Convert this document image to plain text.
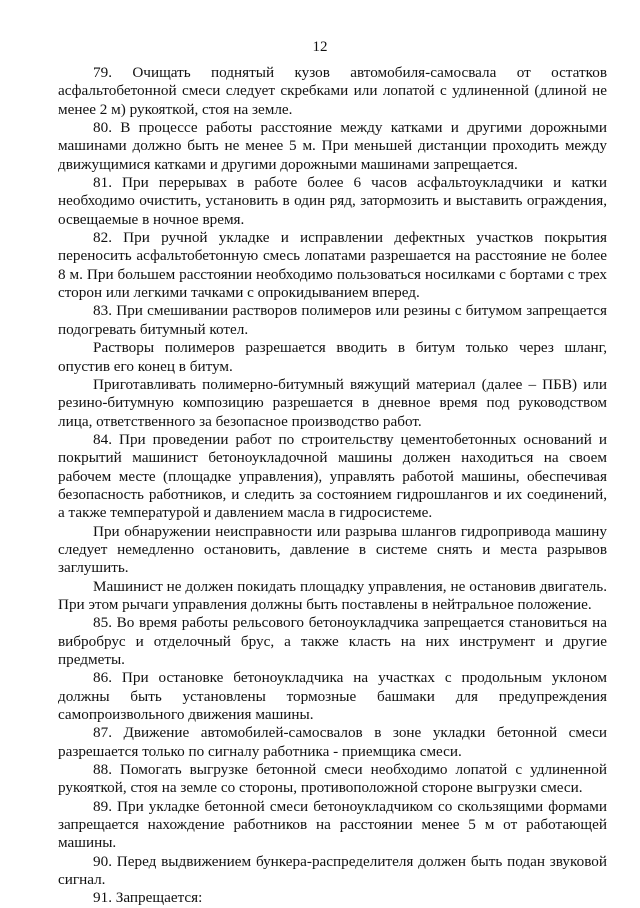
12

79. Очищать поднятый кузов автомобиля-самосвала от остатков асфальтобетонной смеси следует скребками или лопатой с удлиненной (длиной не менее 2 м) рукояткой, стоя на земле.

80. В процессе работы расстояние между катками и другими дорожными машинами должно быть не менее 5 м. При меньшей дистанции проходить между движущимися катками и другими дорожными машинами запрещается.

81. При перерывах в работе более 6 часов асфальтоукладчики и катки необходимо очистить, установить в один ряд, затормозить и выставить ограждения, освещаемые в ночное время.

82. При ручной укладке и исправлении дефектных участков покрытия переносить асфальтобетонную смесь лопатами разрешается на расстояние не более 8 м. При большем расстоянии необходимо пользоваться носилками с бортами с трех сторон или легкими тачками с опрокидыванием вперед.

83. При смешивании растворов полимеров или резины с битумом запрещается подогревать битумный котел.

Растворы полимеров разрешается вводить в битум только через шланг, опустив его конец в битум.

Приготавливать полимерно-битумный вяжущий материал (далее – ПБВ) или резино-битумную композицию разрешается в дневное время под руководством лица, ответственного за безопасное производство работ.

84. При проведении работ по строительству цементобетонных оснований и покрытий машинист бетоноукладочной машины должен находиться на своем рабочем месте (площадке управления), управлять работой машины, обеспечивая безопасность работников, и следить за состоянием гидрошлангов и их соединений, а также температурой и давлением масла в гидросистеме.

При обнаружении неисправности или разрыва шлангов гидропривода машину следует немедленно остановить, давление в системе снять и места разрывов заглушить.

Машинист не должен покидать площадку управления, не остановив двигатель. При этом рычаги управления должны быть поставлены в нейтральное положение.

85. Во время работы рельсового бетоноукладчика запрещается становиться на вибробрус и отделочный брус, а также класть на них инструмент и другие предметы.

86. При остановке бетоноукладчика на участках с продольным уклоном должны быть установлены тормозные башмаки для предупреждения самопроизвольного движения машины.

87. Движение автомобилей-самосвалов в зоне укладки бетонной смеси разрешается только по сигналу работника - приемщика смеси.

88. Помогать выгрузке бетонной смеси необходимо лопатой с удлиненной рукояткой, стоя на земле со стороны, противоположной стороне выгрузки смеси.

89. При укладке бетонной смеси бетоноукладчиком со скользящими формами запрещается нахождение работников на расстоянии менее 5 м от работающей машины.

90. Перед выдвижением бункера-распределителя должен быть подан звуковой сигнал.

91. Запрещается:
